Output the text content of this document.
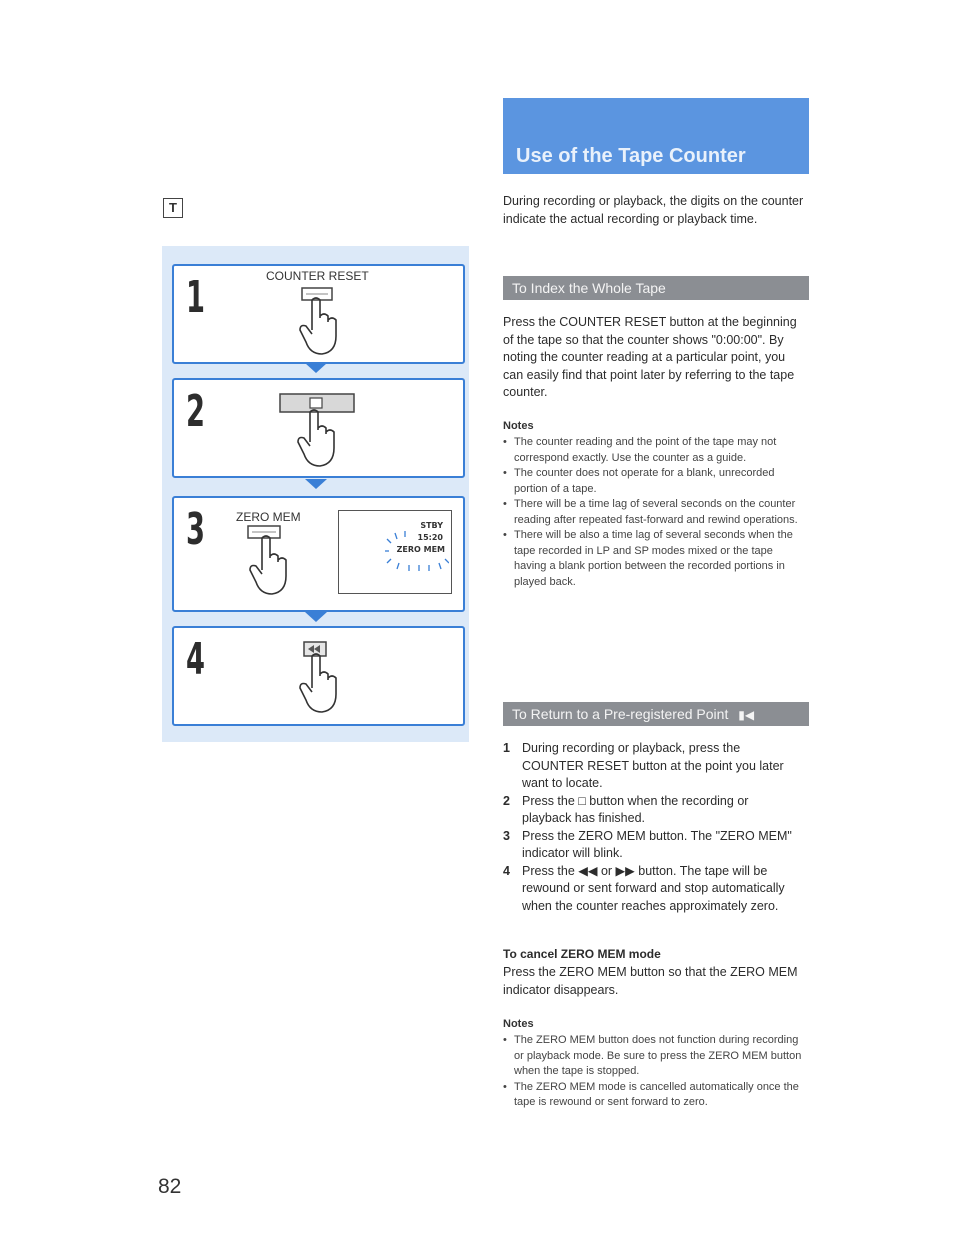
T
1	COUNTER RESET
2
3	ZERO MEM
STBY
15:20
ZERO MEM
4
Use of the Tape Counter
During recording or playback, the digits on the counter indicate the actual recording or playback time.
To Index the Whole Tape
Press the COUNTER RESET button at the beginning of the tape so that the counter shows "0:00:00". By noting the counter reading at a particular point, you can easily find that point later by referring to the tape counter.
Notes
• The counter reading and the point of the tape may not correspond exactly. Use the counter as a guide.
• The counter does not operate for a blank, unrecorded portion of a tape.
• There will be a time lag of several seconds on the counter reading after repeated fast-forward and rewind operations.
• There will be also a time lag of several seconds when the tape recorded in LP and SP modes mixed or the tape having a blank portion between the recorded portions in played back.
To Return to a Pre-registered Point ▮◀
1 During recording or playback, press the COUNTER RESET button at the point you later want to locate.
2 Press the □ button when the recording or playback has finished.
3 Press the ZERO MEM button. The "ZERO MEM" indicator will blink.
4 Press the ◀◀ or ▶▶ button. The tape will be rewound or sent forward and stop automatically when the counter reaches approximately zero.
To cancel ZERO MEM mode
Press the ZERO MEM button so that the ZERO MEM indicator disappears.
Notes
• The ZERO MEM button does not function during recording or playback mode. Be sure to press the ZERO MEM button when the tape is stopped.
• The ZERO MEM mode is cancelled automatically once the tape is rewound or sent forward to zero.
82
